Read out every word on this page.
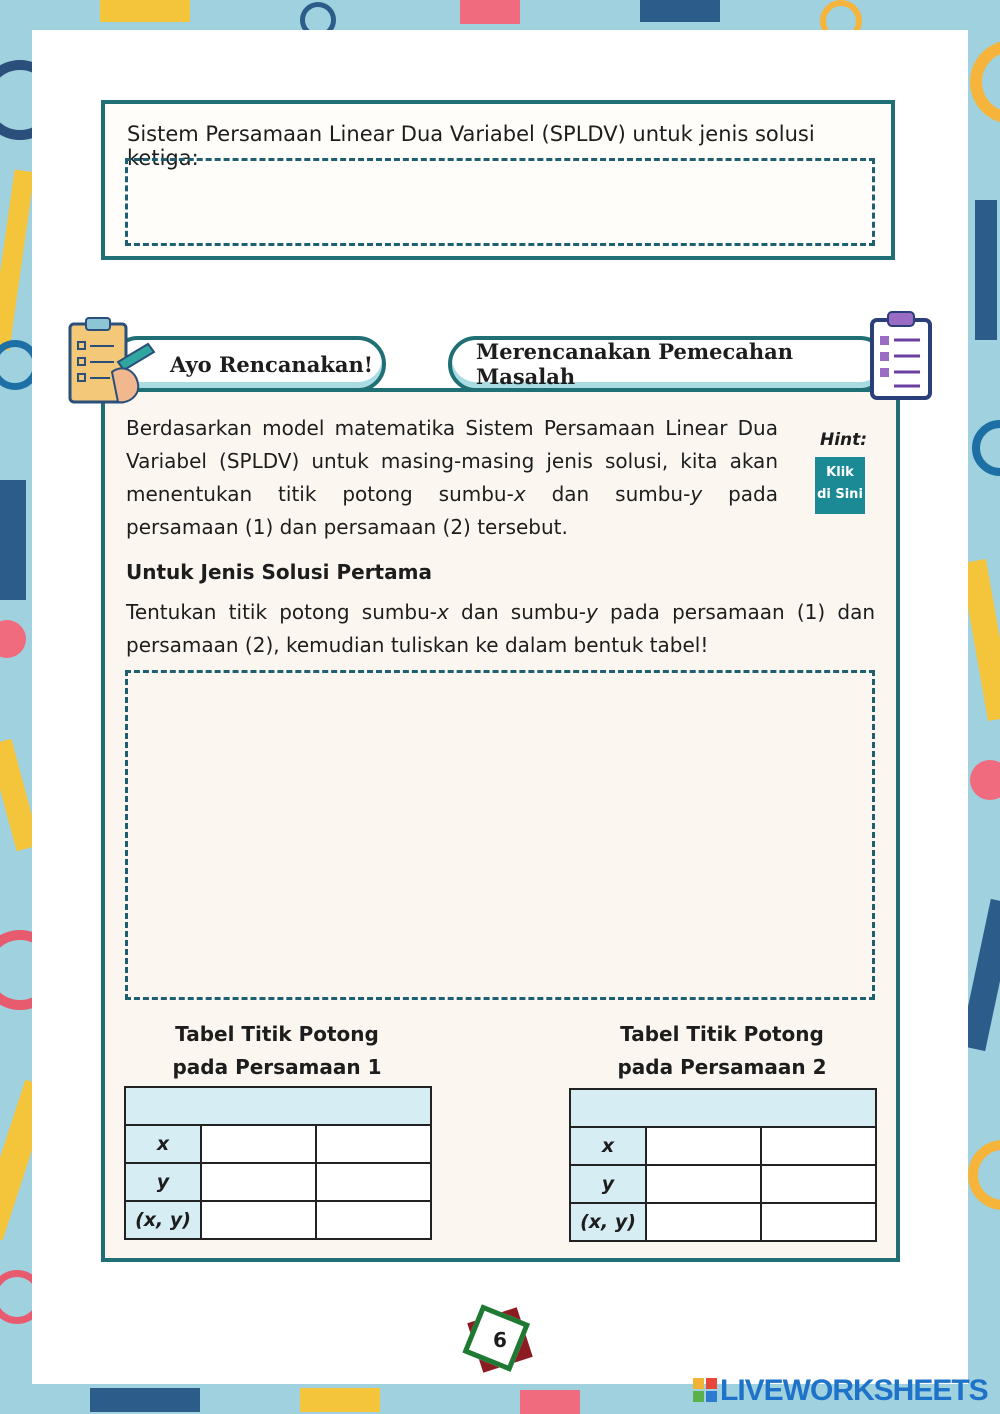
Sistem Persamaan Linear Dua Variabel (SPLDV) untuk jenis solusi ketiga:
Ayo Rencanakan!	Merencanakan Pemecahan Masalah
Berdasarkan model matematika Sistem Persamaan Linear Dua Variabel (SPLDV) untuk masing-masing jenis solusi, kita akan menentukan titik potong sumbu-x dan sumbu-y pada persamaan (1) dan persamaan (2) tersebut.
Hint:
Klik
di Sini
Untuk Jenis Solusi Pertama
Tentukan titik potong sumbu-x dan sumbu-y pada persamaan (1) dan persamaan (2), kemudian tuliskan ke dalam bentuk tabel!
Tabel Titik Potong
pada Persamaan 1

x		
y		
(x, y)		
Tabel Titik Potong
pada Persamaan 2

x		
y		
(x, y)		
6
LIVEWORKSHEETS
